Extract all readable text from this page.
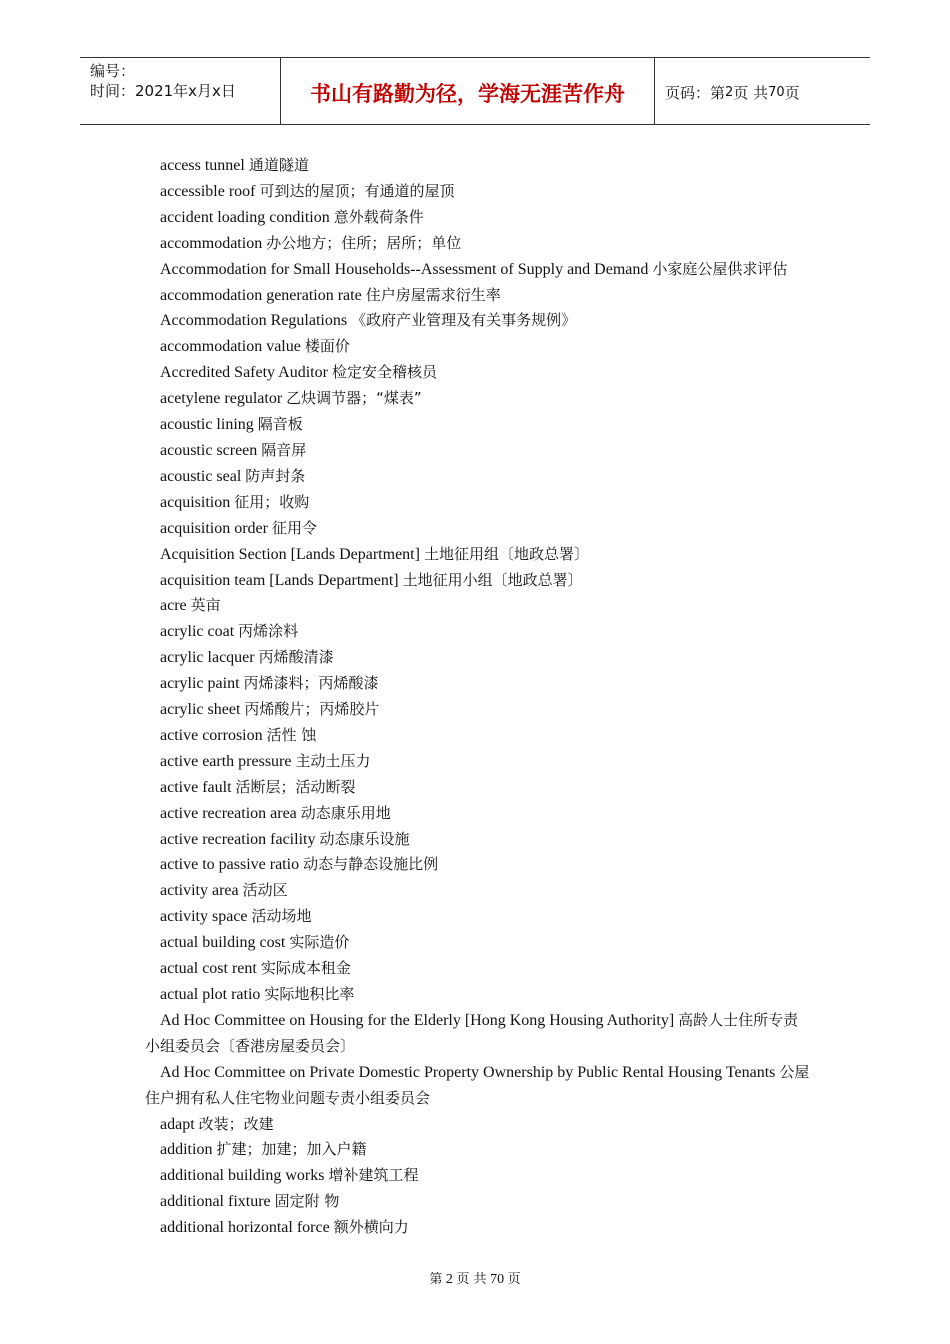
编号：
时间：2021年x月x日	书山有路勤为径，学海无涯苦作舟	页码：第 2 页 共 70 页
access tunnel 通道隧道
accessible roof 可到达的屋顶；有通道的屋顶
accident loading condition 意外载荷条件
accommodation 办公地方；住所；居所；单位
Accommodation for Small Households--Assessment of Supply and Demand 小家庭公屋供求评估
accommodation generation rate 住户房屋需求衍生率
Accommodation Regulations 《政府产业管理及有关事务规例》
accommodation value 楼面价
Accredited Safety Auditor 检定安全稽核员
acetylene regulator 乙炔调节器；“煤表”
acoustic lining 隔音板
acoustic screen 隔音屏
acoustic seal 防声封条
acquisition 征用；收购
acquisition order 征用令
Acquisition Section [Lands Department] 土地征用组〔地政总署〕
acquisition team [Lands Department] 土地征用小组〔地政总署〕
acre 英亩
acrylic coat 丙烯涂料
acrylic lacquer 丙烯酸清漆
acrylic paint 丙烯漆料；丙烯酸漆
acrylic sheet 丙烯酸片；丙烯胶片
active corrosion 活性 蚀
active earth pressure 主动土压力
active fault 活断层；活动断裂
active recreation area 动态康乐用地
active recreation facility 动态康乐设施
active to passive ratio 动态与静态设施比例
activity area 活动区
activity space 活动场地
actual building cost 实际造价
actual cost rent 实际成本租金
actual plot ratio 实际地积比率
Ad Hoc Committee on Housing for the Elderly [Hong Kong Housing Authority] 高龄人士住所专责小组委员会〔香港房屋委员会〕
Ad Hoc Committee on Private Domestic Property Ownership by Public Rental Housing Tenants 公屋住户拥有私人住宅物业问题专责小组委员会
adapt 改装；改建
addition 扩建；加建；加入户籍
additional building works 增补建筑工程
additional fixture 固定附 物
additional horizontal force 额外横向力
第 2 页 共 70 页
